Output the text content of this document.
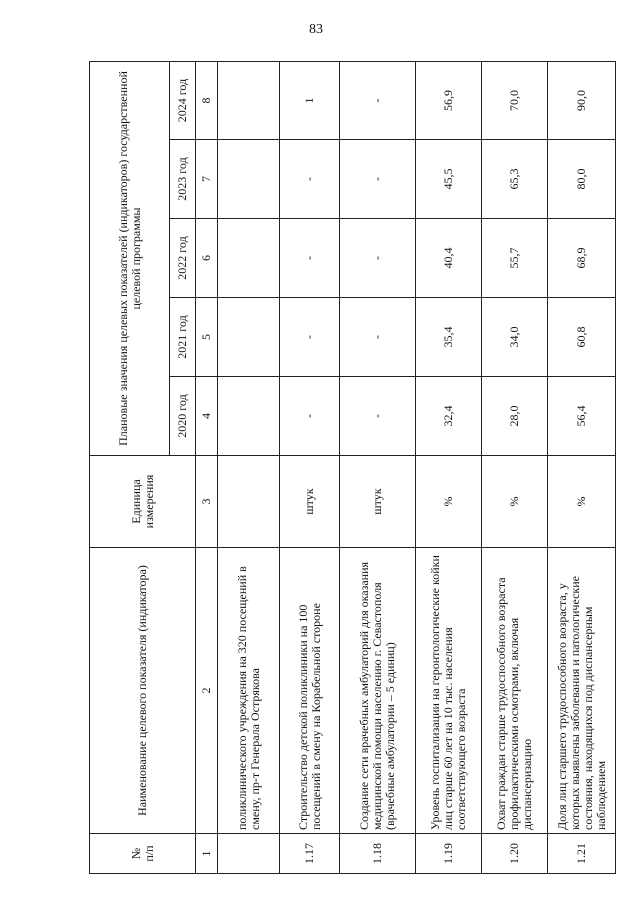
83
№
п/п	Наименование целевого показателя (индикатора)	Единица измерения	Плановые значения целевых показателей (индикаторов) государственной целевой программы				
			2020 год	2021 год	2022 год	2023 год	2024 год
1	2	3	4	5	6	7	8
	поликлинического учреждения на 320 посещений в смену, пр-т Генерала Острякова						
1.17	Строительство детской поликлиники на 100 посещений в смену на Корабельной стороне	штук	-	-	-	-	1
1.18	Создание сети врачебных амбулаторий для оказания медицинской помощи населению г. Севастополя (врачебные амбулатории – 5 единиц)	штук	-	-	-	-	-
1.19	Уровень госпитализации на геронтологические койки лиц старше 60 лет на 10 тыс. населения соответствующего возраста	%	32,4	35,4	40,4	45,5	56,9
1.20	Охват граждан старше трудоспособного возраста профилактическими осмотрами, включая диспансеризацию	%	28,0	34,0	55,7	65,3	70,0
1.21	Доля лиц старшего трудоспособного возраста, у которых выявлены заболевания и патологические состояния, находящихся под диспансерным наблюдением	%	56,4	60,8	68,9	80,0	90,0
